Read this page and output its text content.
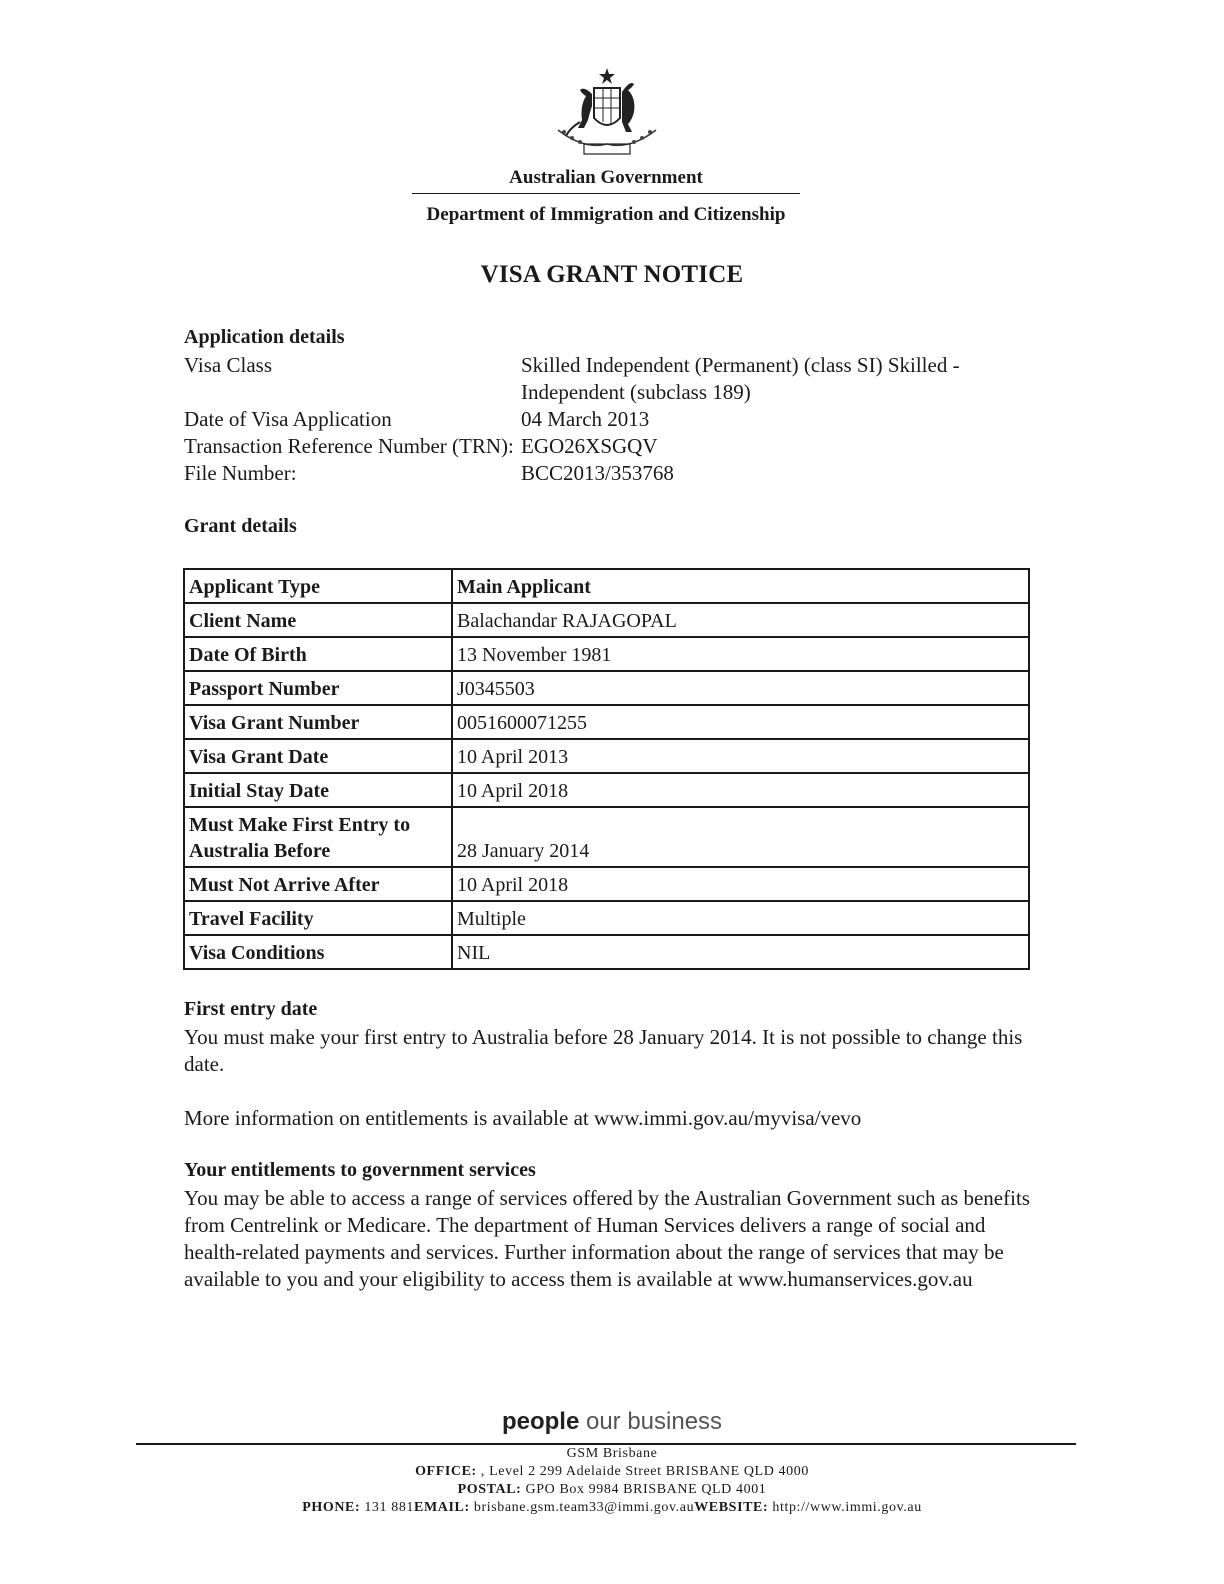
Australian Government
Department of Immigration and Citizenship
VISA GRANT NOTICE
Application details
Visa Class	Skilled Independent (Permanent) (class SI) Skilled -
Independent (subclass 189)
Date of Visa Application	04 March 2013
Transaction Reference Number (TRN): EGO26XSGQV
File Number:	BCC2013/353768
Grant details
Applicant Type	Main Applicant
Client Name	Balachandar RAJAGOPAL
Date Of Birth	13 November 1981
Passport Number	J0345503
Visa Grant Number	0051600071255
Visa Grant Date	10 April 2013
Initial Stay Date	10 April 2018

Must Make First Entry to
Australia Before	28 January 2014
Must Not Arrive After	10 April 2018
Travel Facility	Multiple
Visa Conditions	NIL
First entry date
You must make your first entry to Australia before 28 January 2014. It is not possible to change this date.
More information on entitlements is available at www.immi.gov.au/myvisa/vevo
Your entitlements to government services
You may be able to access a range of services offered by the Australian Government such as benefits from Centrelink or Medicare. The department of Human Services delivers a range of social and health-related payments and services. Further information about the range of services that may be available to you and your eligibility to access them is available at www.humanservices.gov.au
people our business
GSM Brisbane
OFFICE: , Level 2 299 Adelaide Street BRISBANE QLD 4000
POSTAL: GPO Box 9984 BRISBANE QLD 4001
PHONE: 131 881EMAIL: brisbane.gsm.team33@immi.gov.auWEBSITE: http://www.immi.gov.au
